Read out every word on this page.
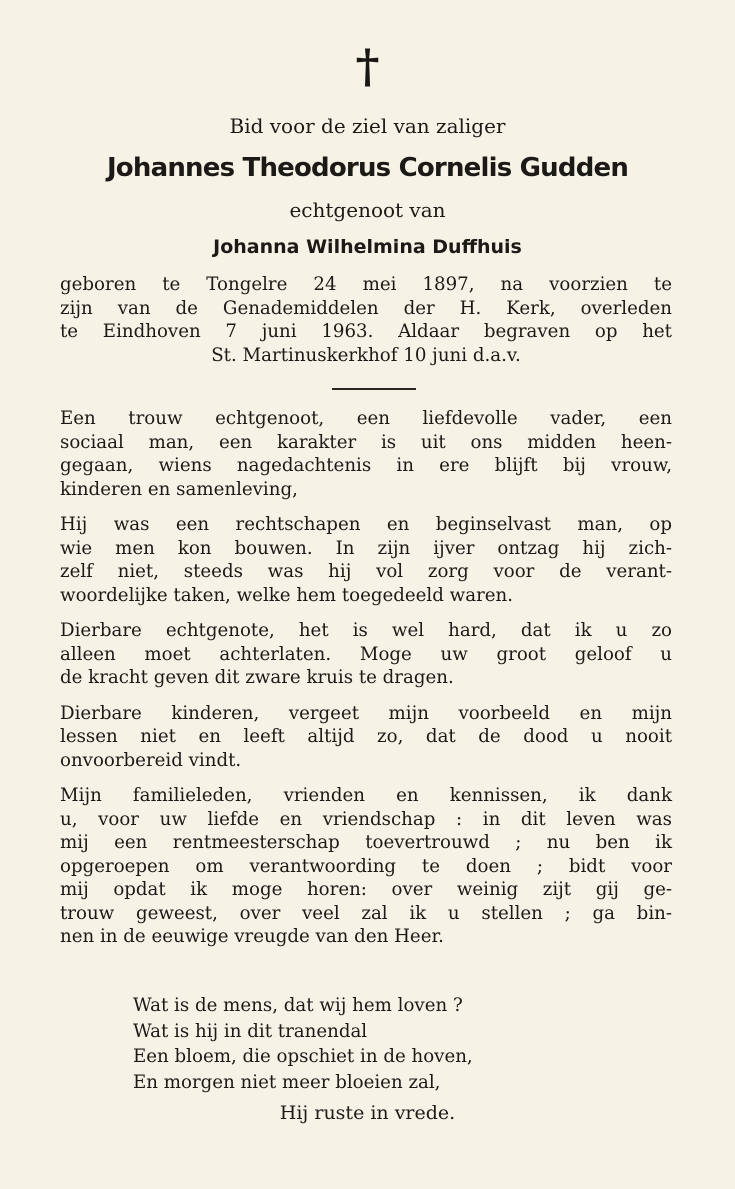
†
Bid voor de ziel van zaliger
Johannes Theodorus Cornelis Gudden
echtgenoot van
Johanna Wilhelmina Duffhuis
geboren te Tongelre 24 mei 1897, na voorzien te
zijn van de Genademiddelen der H. Kerk, overleden
te Eindhoven 7 juni 1963. Aldaar begraven op het
St. Martinuskerkhof 10 juni d.a.v.
Een trouw echtgenoot, een liefdevolle vader, een
sociaal man, een karakter is uit ons midden heen-
gegaan, wiens nagedachtenis in ere blijft bij vrouw,
kinderen en samenleving,
Hij was een rechtschapen en beginselvast man, op
wie men kon bouwen. In zijn ijver ontzag hij zich-
zelf niet, steeds was hij vol zorg voor de verant-
woordelijke taken, welke hem toegedeeld waren.
Dierbare echtgenote, het is wel hard, dat ik u zo
alleen moet achterlaten. Moge uw groot geloof u
de kracht geven dit zware kruis te dragen.
Dierbare kinderen, vergeet mijn voorbeeld en mijn
lessen niet en leeft altijd zo, dat de dood u nooit
onvoorbereid vindt.
Mijn familieleden, vrienden en kennissen, ik dank
u, voor uw liefde en vriendschap : in dit leven was
mij een rentmeesterschap toevertrouwd ; nu ben ik
opgeroepen om verantwoording te doen ; bidt voor
mij opdat ik moge horen: over weinig zijt gij ge-
trouw geweest, over veel zal ik u stellen ; ga bin-
nen in de eeuwige vreugde van den Heer.
Wat is de mens, dat wij hem loven ?
Wat is hij in dit tranendal
Een bloem, die opschiet in de hoven,
En morgen niet meer bloeien zal,
Hij ruste in vrede.
